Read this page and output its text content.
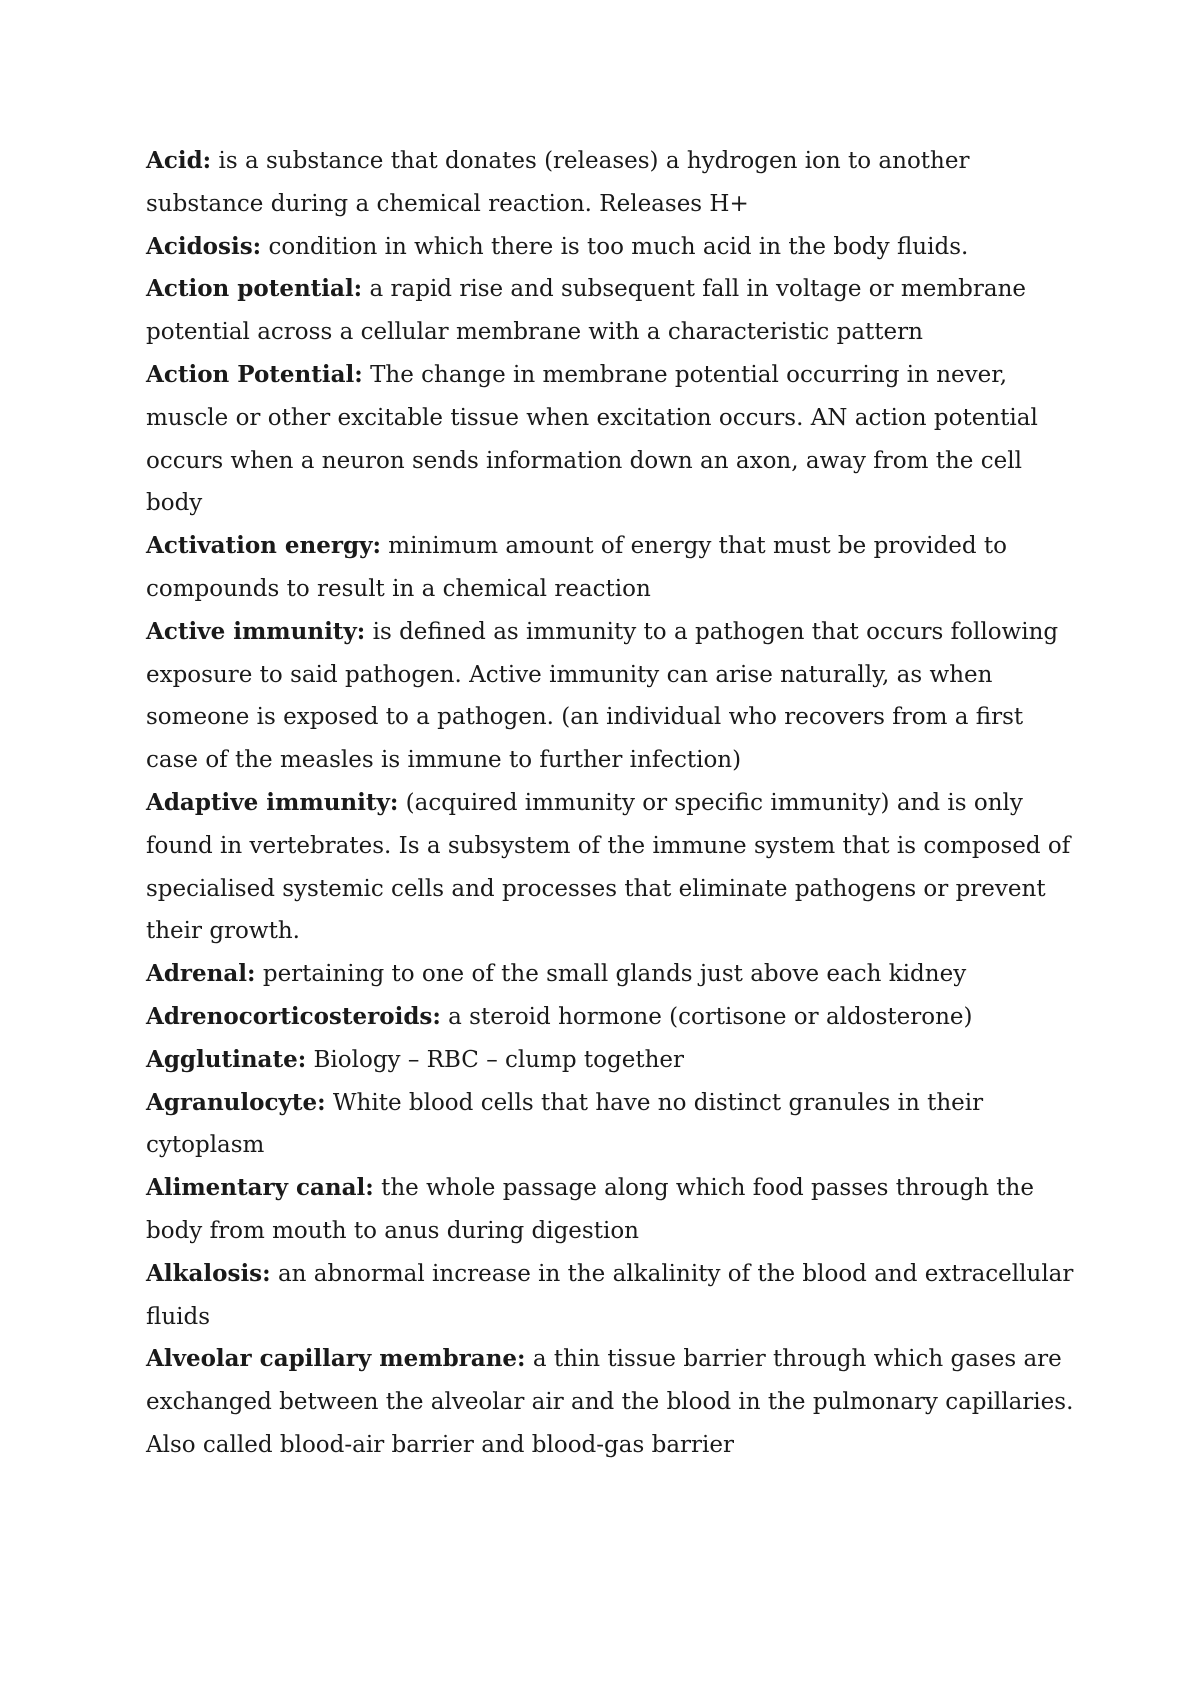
Acid: is a substance that donates (releases) a hydrogen ion to another substance during a chemical reaction. Releases H+

Acidosis: condition in which there is too much acid in the body fluids.

Action potential: a rapid rise and subsequent fall in voltage or membrane potential across a cellular membrane with a characteristic pattern

Action Potential: The change in membrane potential occurring in never, muscle or other excitable tissue when excitation occurs. AN action potential occurs when a neuron sends information down an axon, away from the cell body

Activation energy: minimum amount of energy that must be provided to compounds to result in a chemical reaction

Active immunity: is defined as immunity to a pathogen that occurs following exposure to said pathogen. Active immunity can arise naturally, as when someone is exposed to a pathogen. (an individual who recovers from a first case of the measles is immune to further infection)

Adaptive immunity: (acquired immunity or specific immunity) and is only found in vertebrates. Is a subsystem of the immune system that is composed of specialised systemic cells and processes that eliminate pathogens or prevent their growth.

Adrenal: pertaining to one of the small glands just above each kidney

Adrenocorticosteroids: a steroid hormone (cortisone or aldosterone)

Agglutinate: Biology – RBC – clump together

Agranulocyte: White blood cells that have no distinct granules in their cytoplasm

Alimentary canal: the whole passage along which food passes through the body from mouth to anus during digestion

Alkalosis: an abnormal increase in the alkalinity of the blood and extracellular fluids

Alveolar capillary membrane: a thin tissue barrier through which gases are exchanged between the alveolar air and the blood in the pulmonary capillaries. Also called blood-air barrier and blood-gas barrier
